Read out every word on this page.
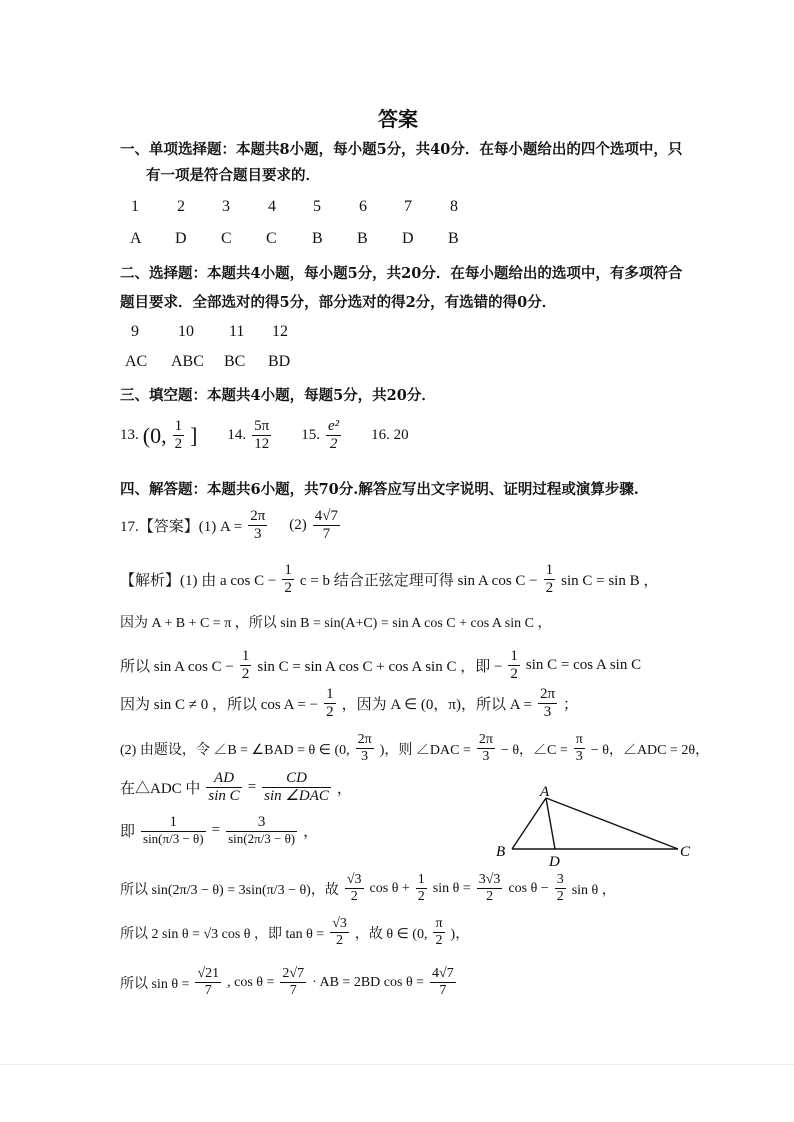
答案
一、单项选择题：本题共8小题，每小题5分，共40分．在每小题给出的四个选项中，只
有一项是符合题目要求的．
1 2 3 4 5 6 7 8
A D C C B B D B
二、选择题：本题共4小题，每小题5分，共20分．在每小题给出的选项中，有多项符合
题目要求．全部选对的得5分，部分选对的得2分，有选错的得0分．
9 10 11 12
AC ABC BC BD
三、填空题：本题共4小题，每题5分，共20分．
13. (0, $\frac{1}{2}$ ] 14. $\frac{5\pi}{12} 15$. $\frac{\text{e²}}{2} 16$. 20
四、解答题：本题共6小题，共70分.解答应写出文字说明、证明过程或演算步骤.
17.【答案】(1) $A = \frac{2\pi}{3} (2) \frac{4√7}{7}$
【解析】(1) 由 a $\cos C - \frac{1}{2}$ c = b 结合正弦定理可得 sin A $\cos C - \frac{1}{2}$ sin C = sin B ，
因为 A + B + C = π ，所以 sin B = sin(A+C) = sin A cos C + cos A sin C ，
所以 sin A $\cos C - \frac{1}{2}$ sin C = sin A cos C + cos A sin C ，即 − $\frac{1}{2}$ sin C = cos A sin C
因为 sin C ≠ 0 ，所以 cos A = − $\frac{1}{2}$ ，因为 A ∈ (0，π)，所以 $A = \frac{2\pi}{3}$ ；
(2) 由题设，令 ∠B = ∠BAD = θ ∈ (0, $\frac{2\pi}{3}$ )，则 ∠DAC = $\frac{2\pi}{3} - \theta$，∠C = $\frac{\pi}{3} - \theta$，∠ADC = 2θ，
在△ADC 中 $\frac{AD}{\text{sin C}} = \frac{CD}{\text{sin ∠DAC}}$ ，
即 $\frac{1}{\sin(\pi/3 - \theta)} = \frac{3}{\sin(2\pi/3 - \theta)}$ ，
A
B	C
D
所以 sin(2π/3 − θ) = 3sin(π/3 − θ)，故 $\frac{√3}{2}$ $\cos \theta + \frac{1}{2}$ $\sin \theta = \frac{3√3}{2}$ $\cos \theta - \frac{3}{2}$ sin θ ，
所以 2 sin θ = √3 cos θ ，即 $\tan \theta = \frac{√3}{2}$ ，故 θ ∈ (0, $\frac{\pi}{2}$ )，
所以 $\sin \theta = \frac{√21}{7}$ , $\cos \theta = \frac{2√7}{7}$ · AB = 2BD $\cos \theta = \frac{4√7}{7}$
